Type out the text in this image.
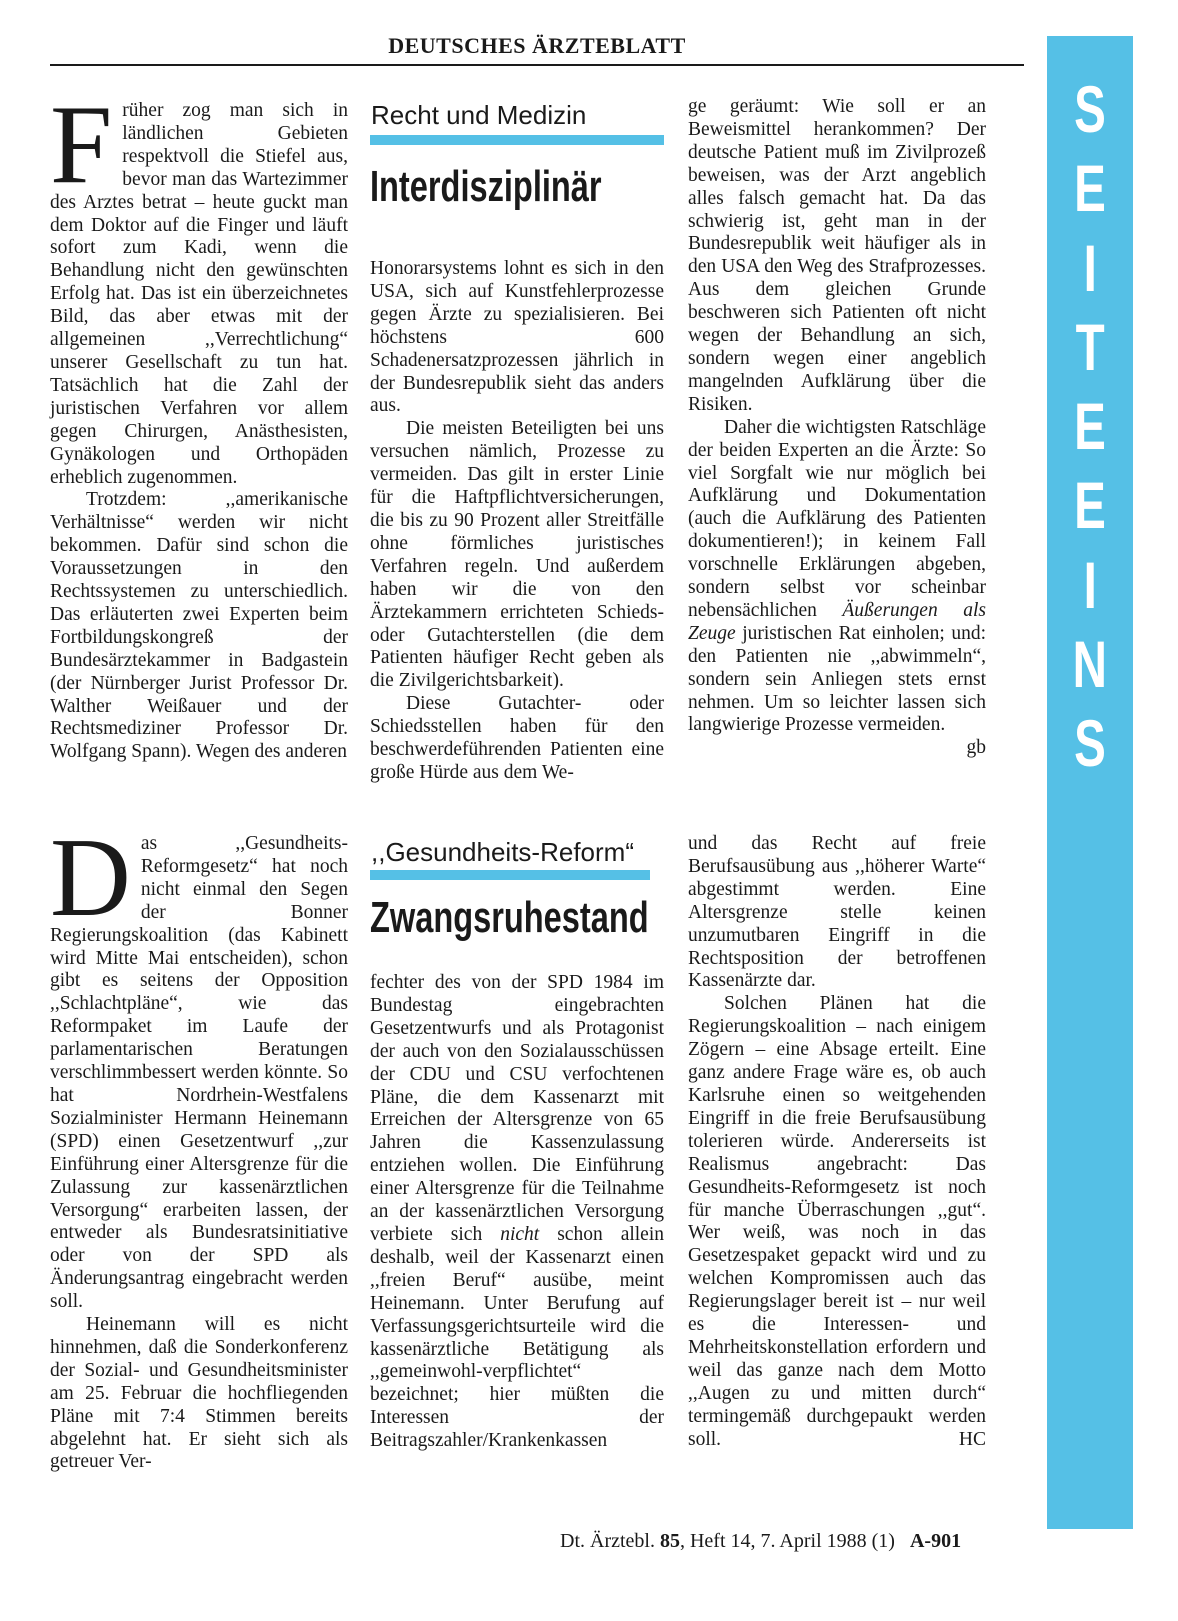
DEUTSCHES ÄRZTEBLATT
S
E
I
T
E
E
I
N
S

Früher zog man sich in ländlichen Gebieten respektvoll die Stiefel aus, bevor man das Wartezimmer des Arztes betrat – heute guckt man dem Doktor auf die Finger und läuft sofort zum Kadi, wenn die Behandlung nicht den gewünschten Erfolg hat. Das ist ein überzeichnetes Bild, das aber etwas mit der allgemeinen ,,Verrechtlichung“ unserer Gesellschaft zu tun hat. Tatsächlich hat die Zahl der juristischen Verfahren vor allem gegen Chirurgen, Anästhesisten, Gynäkologen und Orthopäden erheblich zugenommen.

Trotzdem: ,,amerikanische Verhältnisse“ werden wir nicht bekommen. Dafür sind schon die Voraussetzungen in den Rechtssystemen zu unterschiedlich. Das erläuterten zwei Experten beim Fortbildungskongreß der Bundesärztekammer in Badgastein (der Nürnberger Jurist Professor Dr. Walther Weißauer und der Rechtsmediziner Professor Dr. Wolfgang Spann). Wegen des anderen

Recht und Medizin
Interdisziplinär

Honorarsystems lohnt es sich in den USA, sich auf Kunstfehlerprozesse gegen Ärzte zu spezialisieren. Bei höchstens 600 Schadenersatzprozessen jährlich in der Bundesrepublik sieht das anders aus.

Die meisten Beteiligten bei uns versuchen nämlich, Prozesse zu vermeiden. Das gilt in erster Linie für die Haftpflichtversicherungen, die bis zu 90 Prozent aller Streitfälle ohne förmliches juristisches Verfahren regeln. Und außerdem haben wir die von den Ärztekammern errichteten Schieds- oder Gutachterstellen (die dem Patienten häufiger Recht geben als die Zivilgerichtsbarkeit).

Diese Gutachter- oder Schiedsstellen haben für den beschwerdeführenden Patienten eine große Hürde aus dem We-

ge geräumt: Wie soll er an Beweismittel herankommen? Der deutsche Patient muß im Zivilprozeß beweisen, was der Arzt angeblich alles falsch gemacht hat. Da das schwierig ist, geht man in der Bundesrepublik weit häufiger als in den USA den Weg des Strafprozesses. Aus dem gleichen Grunde beschweren sich Patienten oft nicht wegen der Behandlung an sich, sondern wegen einer angeblich mangelnden Aufklärung über die Risiken.

Daher die wichtigsten Ratschläge der beiden Experten an die Ärzte: So viel Sorgfalt wie nur möglich bei Aufklärung und Dokumentation (auch die Aufklärung des Patienten dokumentieren!); in keinem Fall vorschnelle Erklärungen abgeben, sondern selbst vor scheinbar nebensächlichen Äußerungen als Zeuge juristischen Rat einholen; und: den Patienten nie ,,abwimmeln“, sondern sein Anliegen stets ernst nehmen. Um so leichter lassen sich langwierige Prozesse vermeiden.
gb

Das ,,Gesundheits-Reformgesetz“ hat noch nicht einmal den Segen der Bonner Regierungskoalition (das Kabinett wird Mitte Mai entscheiden), schon gibt es seitens der Opposition ,,Schlachtpläne“, wie das Reformpaket im Laufe der parlamentarischen Beratungen verschlimmbessert werden könnte. So hat Nordrhein-Westfalens Sozialminister Hermann Heinemann (SPD) einen Gesetzentwurf ,,zur Einführung einer Altersgrenze für die Zulassung zur kassenärztlichen Versorgung“ erarbeiten lassen, der entweder als Bundesratsinitiative oder von der SPD als Änderungsantrag eingebracht werden soll.

Heinemann will es nicht hinnehmen, daß die Sonderkonferenz der Sozial- und Gesundheitsminister am 25. Februar die hochfliegenden Pläne mit 7:4 Stimmen bereits abgelehnt hat. Er sieht sich als getreuer Ver-

,,Gesundheits-Reform“
Zwangsruhestand

fechter des von der SPD 1984 im Bundestag eingebrachten Gesetzentwurfs und als Protagonist der auch von den Sozialausschüssen der CDU und CSU verfochtenen Pläne, die dem Kassenarzt mit Erreichen der Altersgrenze von 65 Jahren die Kassenzulassung entziehen wollen. Die Einführung einer Altersgrenze für die Teilnahme an der kassenärztlichen Versorgung verbiete sich nicht schon allein deshalb, weil der Kassenarzt einen ,,freien Beruf“ ausübe, meint Heinemann. Unter Berufung auf Verfassungsgerichtsurteile wird die kassenärztliche Betätigung als ,,gemeinwohl-verpflichtet“ bezeichnet; hier müßten die Interessen der Beitragszahler/Krankenkassen

und das Recht auf freie Berufsausübung aus ,,höherer Warte“ abgestimmt werden. Eine Altersgrenze stelle keinen unzumutbaren Eingriff in die Rechtsposition der betroffenen Kassenärzte dar.

Solchen Plänen hat die Regierungskoalition – nach einigem Zögern – eine Absage erteilt. Eine ganz andere Frage wäre es, ob auch Karlsruhe einen so weitgehenden Eingriff in die freie Berufsausübung tolerieren würde. Andererseits ist Realismus angebracht: Das Gesundheits-Reformgesetz ist noch für manche Überraschungen ,,gut“. Wer weiß, was noch in das Gesetzespaket gepackt wird und zu welchen Kompromissen auch das Regierungslager bereit ist – nur weil es die Interessen- und Mehrheitskonstellation erfordern und weil das ganze nach dem Motto ,,Augen zu und mitten durch“ termingemäß durchgepaukt werden soll.	HC

Dt. Ärztebl. 85, Heft 14, 7. April 1988 (1) A-901
